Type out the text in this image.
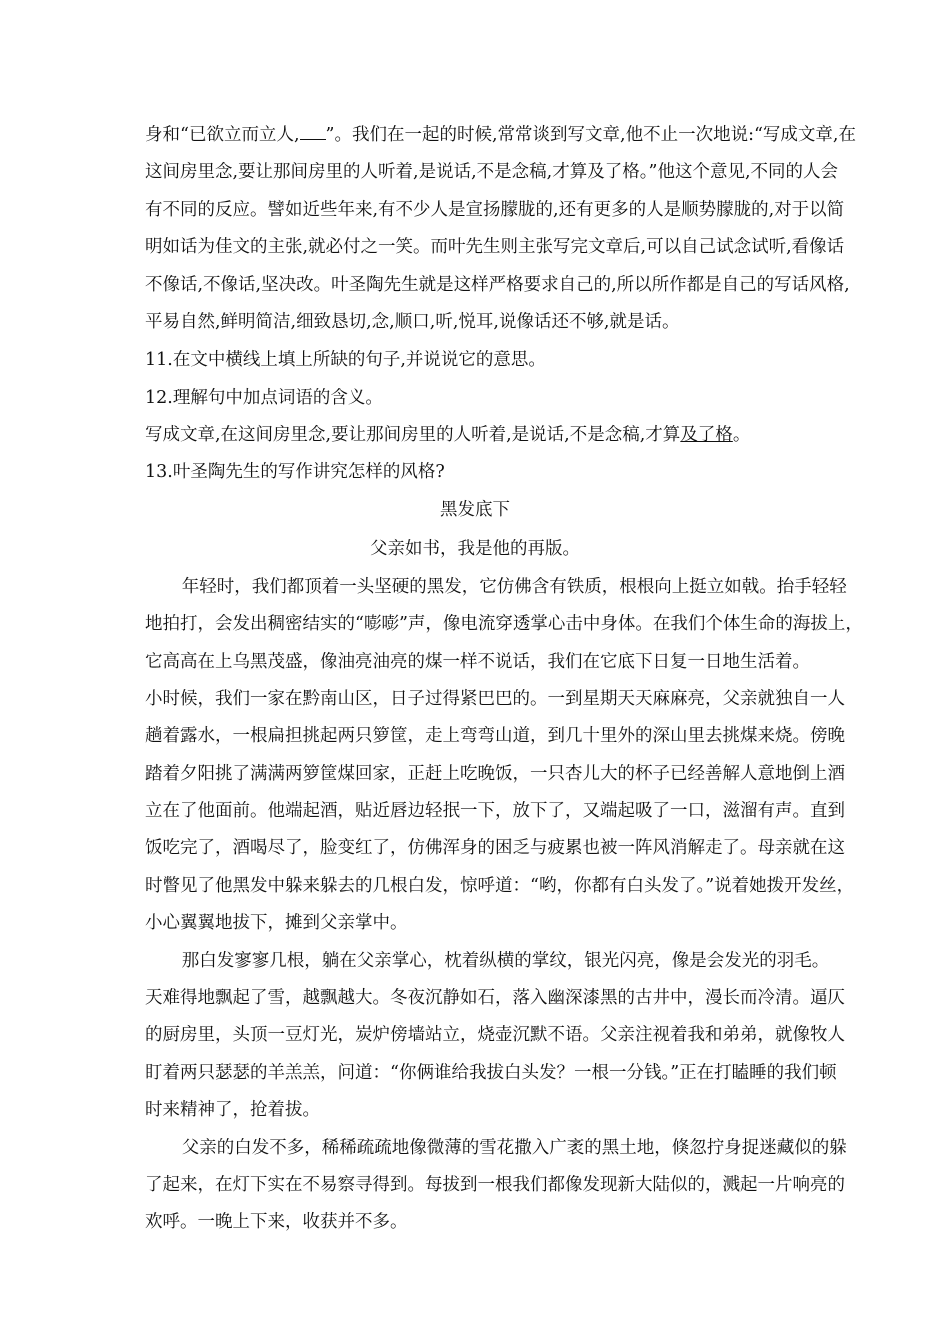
身和“已欲立而立人, ”。我们在一起的时候,常常谈到写文章,他不止一次地说:“写成文章,在
这间房里念,要让那间房里的人听着,是说话,不是念稿,才算及了格。”他这个意见,不同的人会
有不同的反应。譬如近些年来,有不少人是宣扬朦胧的,还有更多的人是顺势朦胧的,对于以简
明如话为佳文的主张,就必付之一笑。而叶先生则主张写完文章后,可以自己试念试听,看像话
不像话,不像话,坚决改。叶圣陶先生就是这样严格要求自己的,所以所作都是自己的写话风格,
平易自然,鲜明简洁,细致恳切,念,顺口,听,悦耳,说像话还不够,就是话。
11.在文中横线上填上所缺的句子,并说说它的意思。
12.理解句中加点词语的含义。
写成文章,在这间房里念,要让那间房里的人听着,是说话,不是念稿,才算及了格。
13.叶圣陶先生的写作讲究怎样的风格?
黑发底下
父亲如书，我是他的再版。
年轻时，我们都顶着一头坚硬的黑发，它仿佛含有铁质，根根向上挺立如戟。抬手轻轻
地拍打，会发出稠密结实的“嘭嘭”声，像电流穿透掌心击中身体。在我们个体生命的海拔上，
它高高在上乌黑茂盛，像油亮油亮的煤一样不说话，我们在它底下日复一日地生活着。
小时候，我们一家在黔南山区，日子过得紧巴巴的。一到星期天天麻麻亮，父亲就独自一人
趟着露水，一根扁担挑起两只箩筐，走上弯弯山道，到几十里外的深山里去挑煤来烧。傍晚
踏着夕阳挑了满满两箩筐煤回家，正赶上吃晚饭，一只杏儿大的杯子已经善解人意地倒上酒
立在了他面前。他端起酒，贴近唇边轻抿一下，放下了，又端起吸了一口，滋溜有声。直到
饭吃完了，酒喝尽了，脸变红了，仿佛浑身的困乏与疲累也被一阵风消解走了。母亲就在这
时瞥见了他黑发中躲来躲去的几根白发，惊呼道：“哟，你都有白头发了。”说着她拨开发丝，
小心翼翼地拔下，摊到父亲掌中。
那白发寥寥几根，躺在父亲掌心，枕着纵横的掌纹，银光闪亮，像是会发光的羽毛。
天难得地飘起了雪，越飘越大。冬夜沉静如石，落入幽深漆黑的古井中，漫长而冷清。逼仄
的厨房里，头顶一豆灯光，炭炉傍墙站立，烧壶沉默不语。父亲注视着我和弟弟，就像牧人
盯着两只瑟瑟的羊羔羔，问道：“你俩谁给我拔白头发？一根一分钱。”正在打瞌睡的我们顿
时来精神了，抢着拔。
父亲的白发不多，稀稀疏疏地像微薄的雪花撒入广袤的黑土地，倏忽拧身捉迷藏似的躲
了起来，在灯下实在不易察寻得到。每拔到一根我们都像发现新大陆似的，溅起一片响亮的
欢呼。一晚上下来，收获并不多。
